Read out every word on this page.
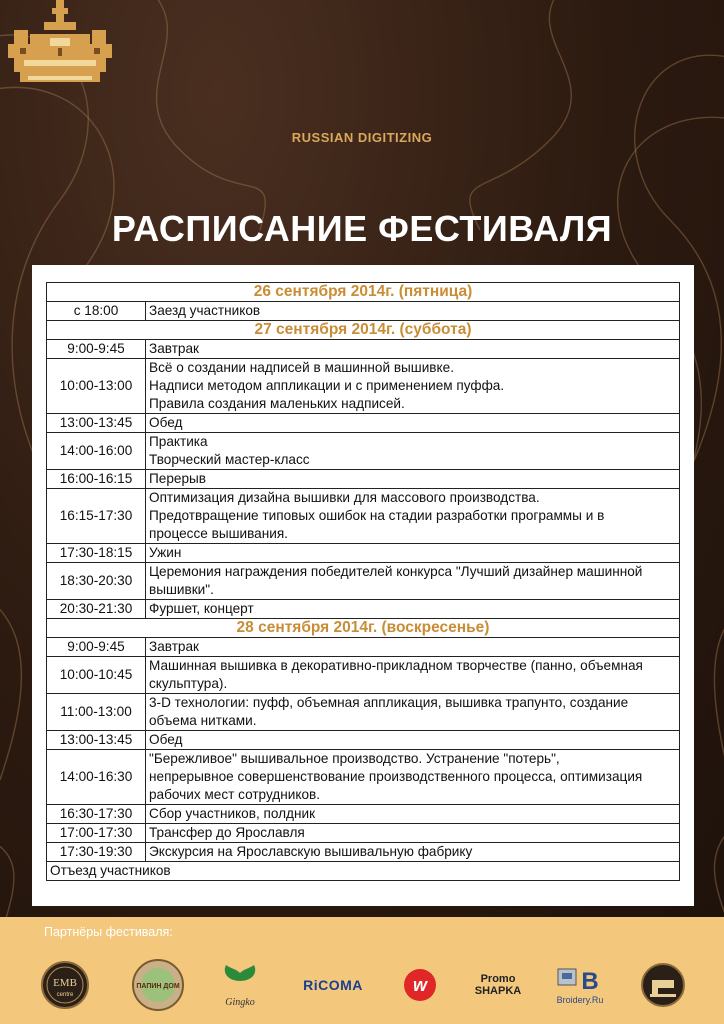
RUSSIAN DIGITIZING
РАСПИСАНИЕ ФЕСТИВАЛЯ
26 сентября 2014г. (пятница)	
с 18:00	Заезд участников

27 сентября 2014г. (суббота)	
9:00-9:45	Завтрак

10:00-13:00	Всё о создании надписей в машинной вышивке.
Надписи методом аппликации и с применением пуффа.
Правила создания маленьких надписей.

13:00-13:45	Обед

14:00-16:00	Практика
Творческий мастер-класс

16:00-16:15	Перерыв

16:15-17:30	Оптимизация дизайна вышивки для массового производства.
Предотвращение типовых ошибок на стадии разработки программы и в
процессе вышивания.

17:30-18:15	Ужин

18:30-20:30	Церемония награждения победителей конкурса "Лучший дизайнер машинной
вышивки".

20:30-21:30	Фуршет, концерт

28 сентября 2014г. (воскресенье)	
9:00-9:45	Завтрак

10:00-10:45	Машинная вышивка в декоративно-прикладном творчестве (панно, объемная
скульптура).

11:00-13:00	3-D технологии: пуфф, объемная аппликация, вышивка трапунто, создание
объема нитками.

13:00-13:45	Обед

14:00-16:30	"Бережливое" вышивальное производство. Устранение "потерь",
непрерывное совершенствование производственного процесса, оптимизация
рабочих мест сотрудников.

16:30-17:30	Сбор участников, полдник

17:00-17:30	Трансфер до Ярославля

17:30-19:30	Экскурсия на Ярославскую вышивальную фабрику

Отъезд участников	
Партнёры фестиваля:
EMB
centre
ПАПИН ДОМ
Gingko
RiCOMA	w	Promo
SHAPKA	B
Broidery.Ru
